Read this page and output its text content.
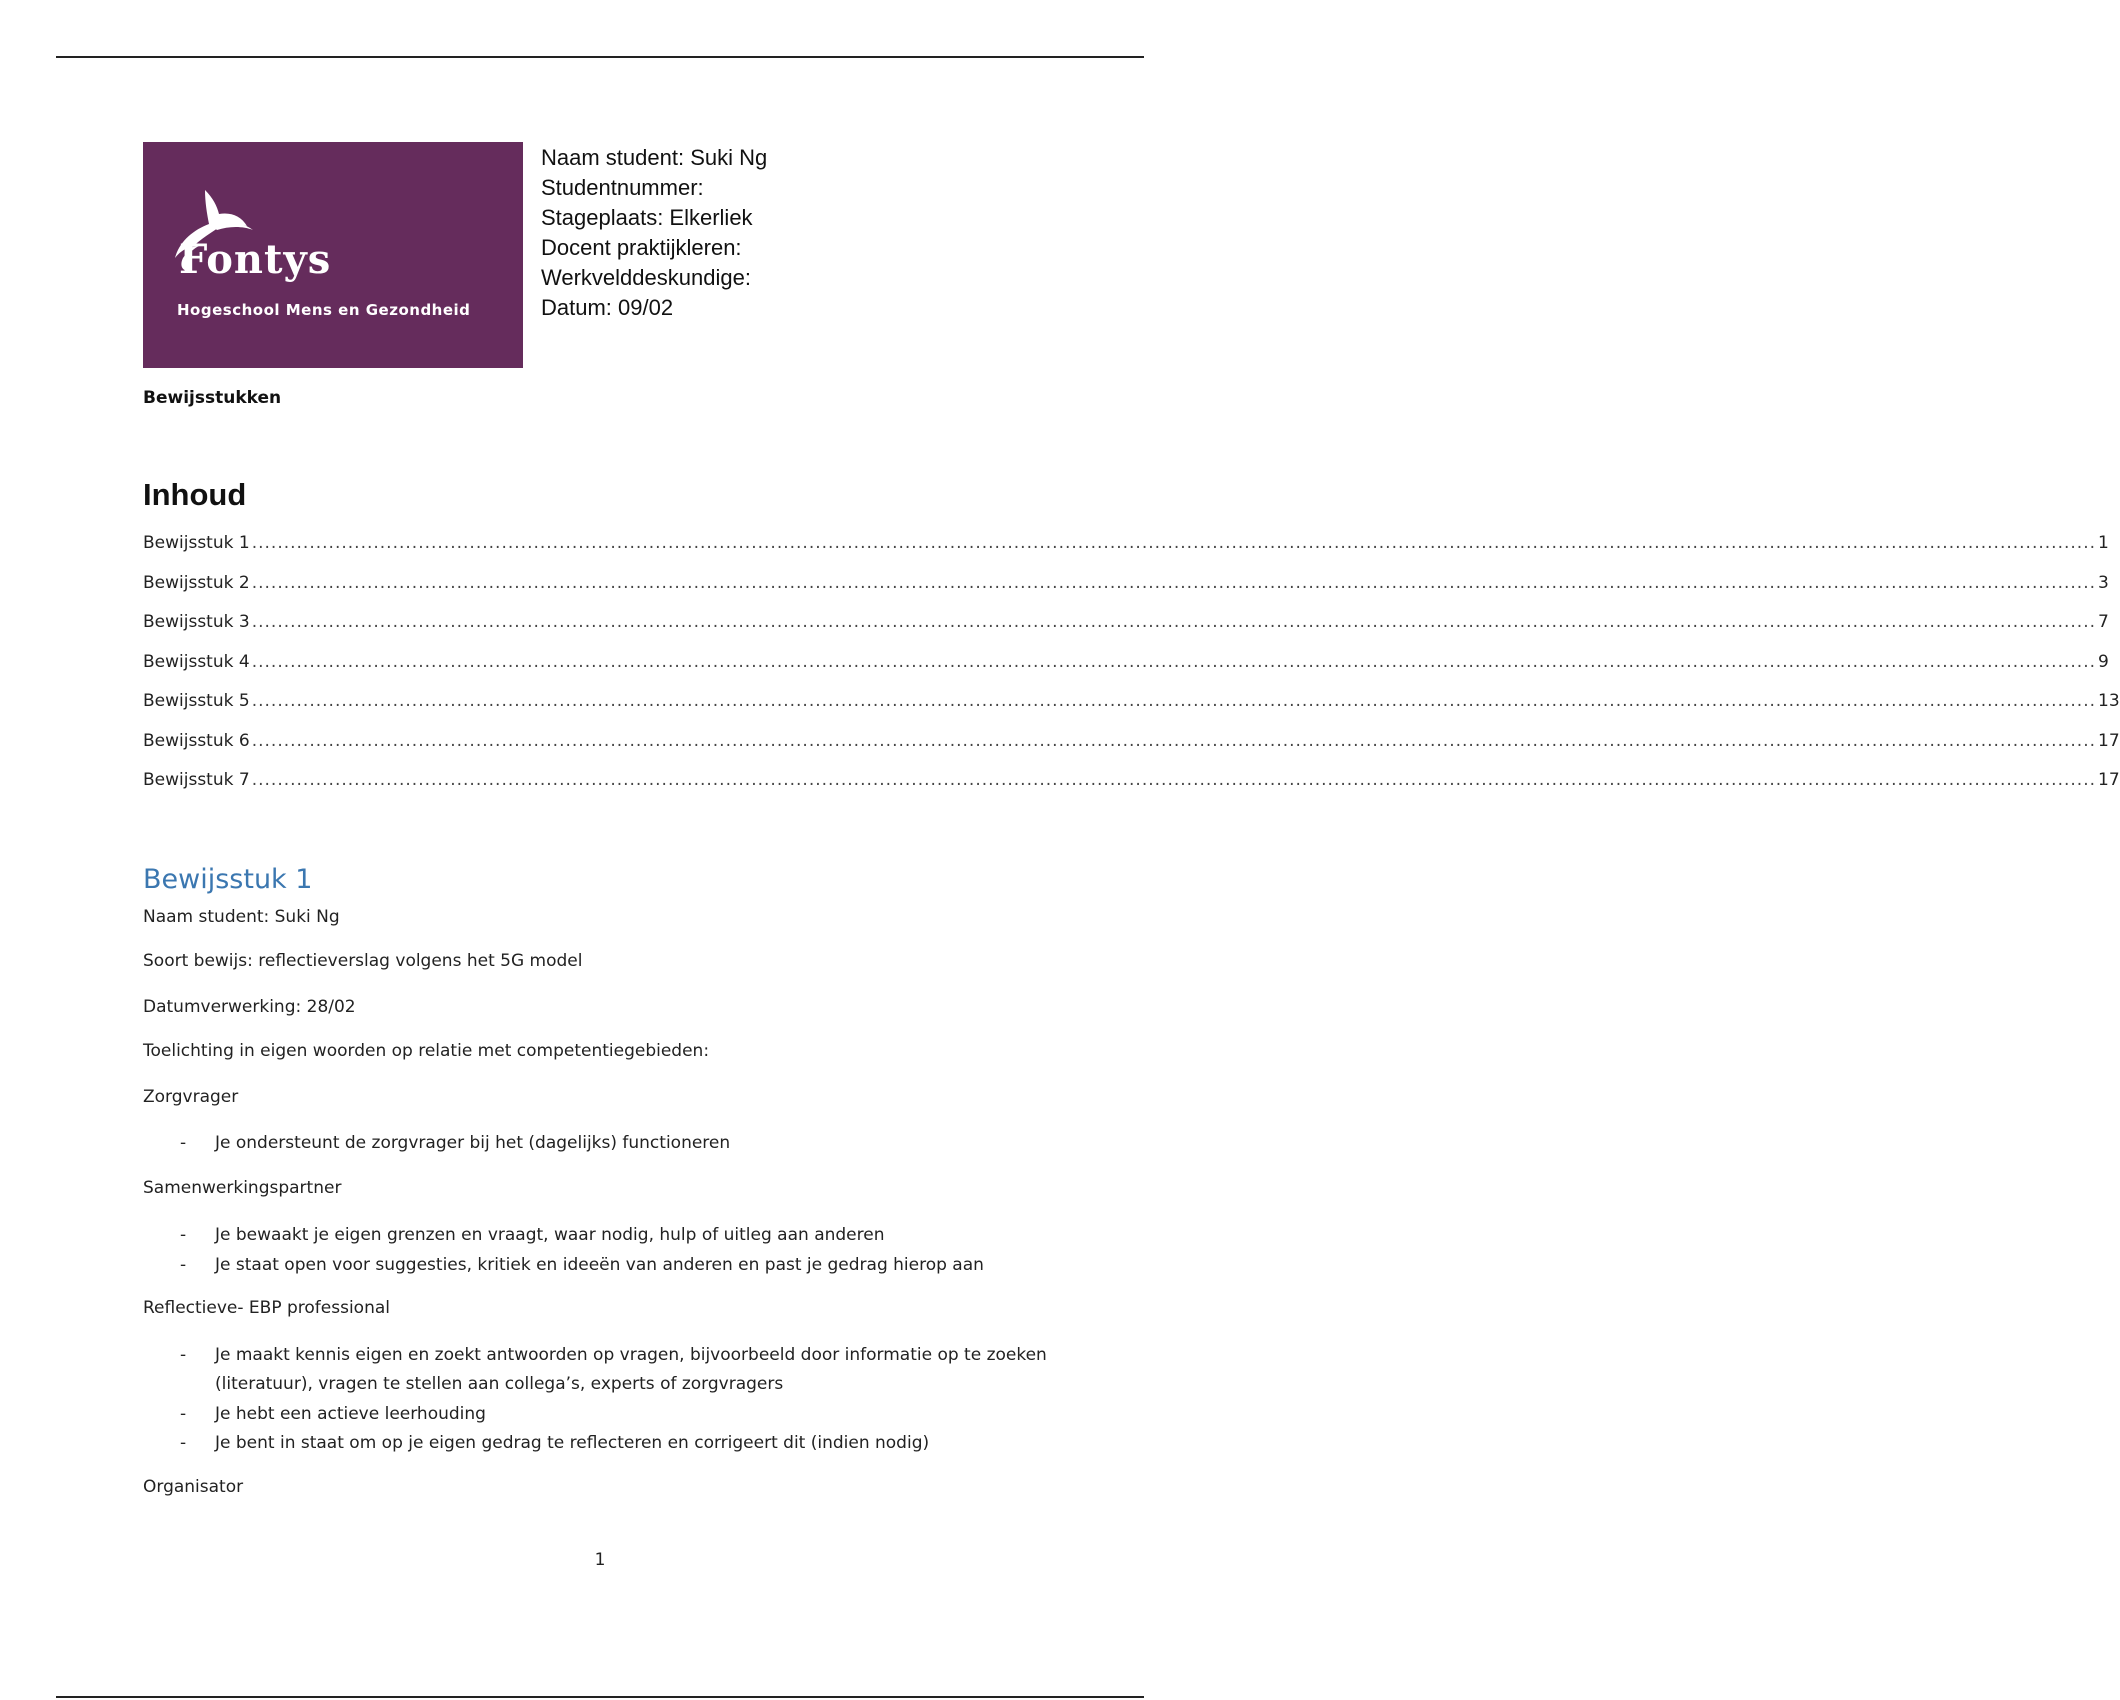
Fontys
Hogeschool Mens en Gezondheid
Naam student: Suki Ng
Studentnummer:
Stageplaats: Elkerliek
Docent praktijkleren:
Werkvelddeskundige:
Datum: 09/02
Bewijsstukken
Inhoud
Bewijsstuk 1 ................................................................................................................................................................................................................................................................................................ 1
Bewijsstuk 2 ................................................................................................................................................................................................................................................................................................ 3
Bewijsstuk 3 ................................................................................................................................................................................................................................................................................................ 7
Bewijsstuk 4 ................................................................................................................................................................................................................................................................................................ 9
Bewijsstuk 5 ................................................................................................................................................................................................................................................................................................ 13
Bewijsstuk 6 ................................................................................................................................................................................................................................................................................................ 17
Bewijsstuk 7 ................................................................................................................................................................................................................................................................................................ 17
Bewijsstuk 1
Naam student: Suki Ng
Soort bewijs: reflectieverslag volgens het 5G model
Datumverwerking: 28/02
Toelichting in eigen woorden op relatie met competentiegebieden:
Zorgvrager
- Je ondersteunt de zorgvrager bij het (dagelijks) functioneren
Samenwerkingspartner
- Je bewaakt je eigen grenzen en vraagt, waar nodig, hulp of uitleg aan anderen
- Je staat open voor suggesties, kritiek en ideeën van anderen en past je gedrag hierop aan
Reflectieve- EBP professional
- Je maakt kennis eigen en zoekt antwoorden op vragen, bijvoorbeeld door informatie op te zoeken (literatuur), vragen te stellen aan collega’s, experts of zorgvragers
- Je hebt een actieve leerhouding
- Je bent in staat om op je eigen gedrag te reflecteren en corrigeert dit (indien nodig)
Organisator
1
